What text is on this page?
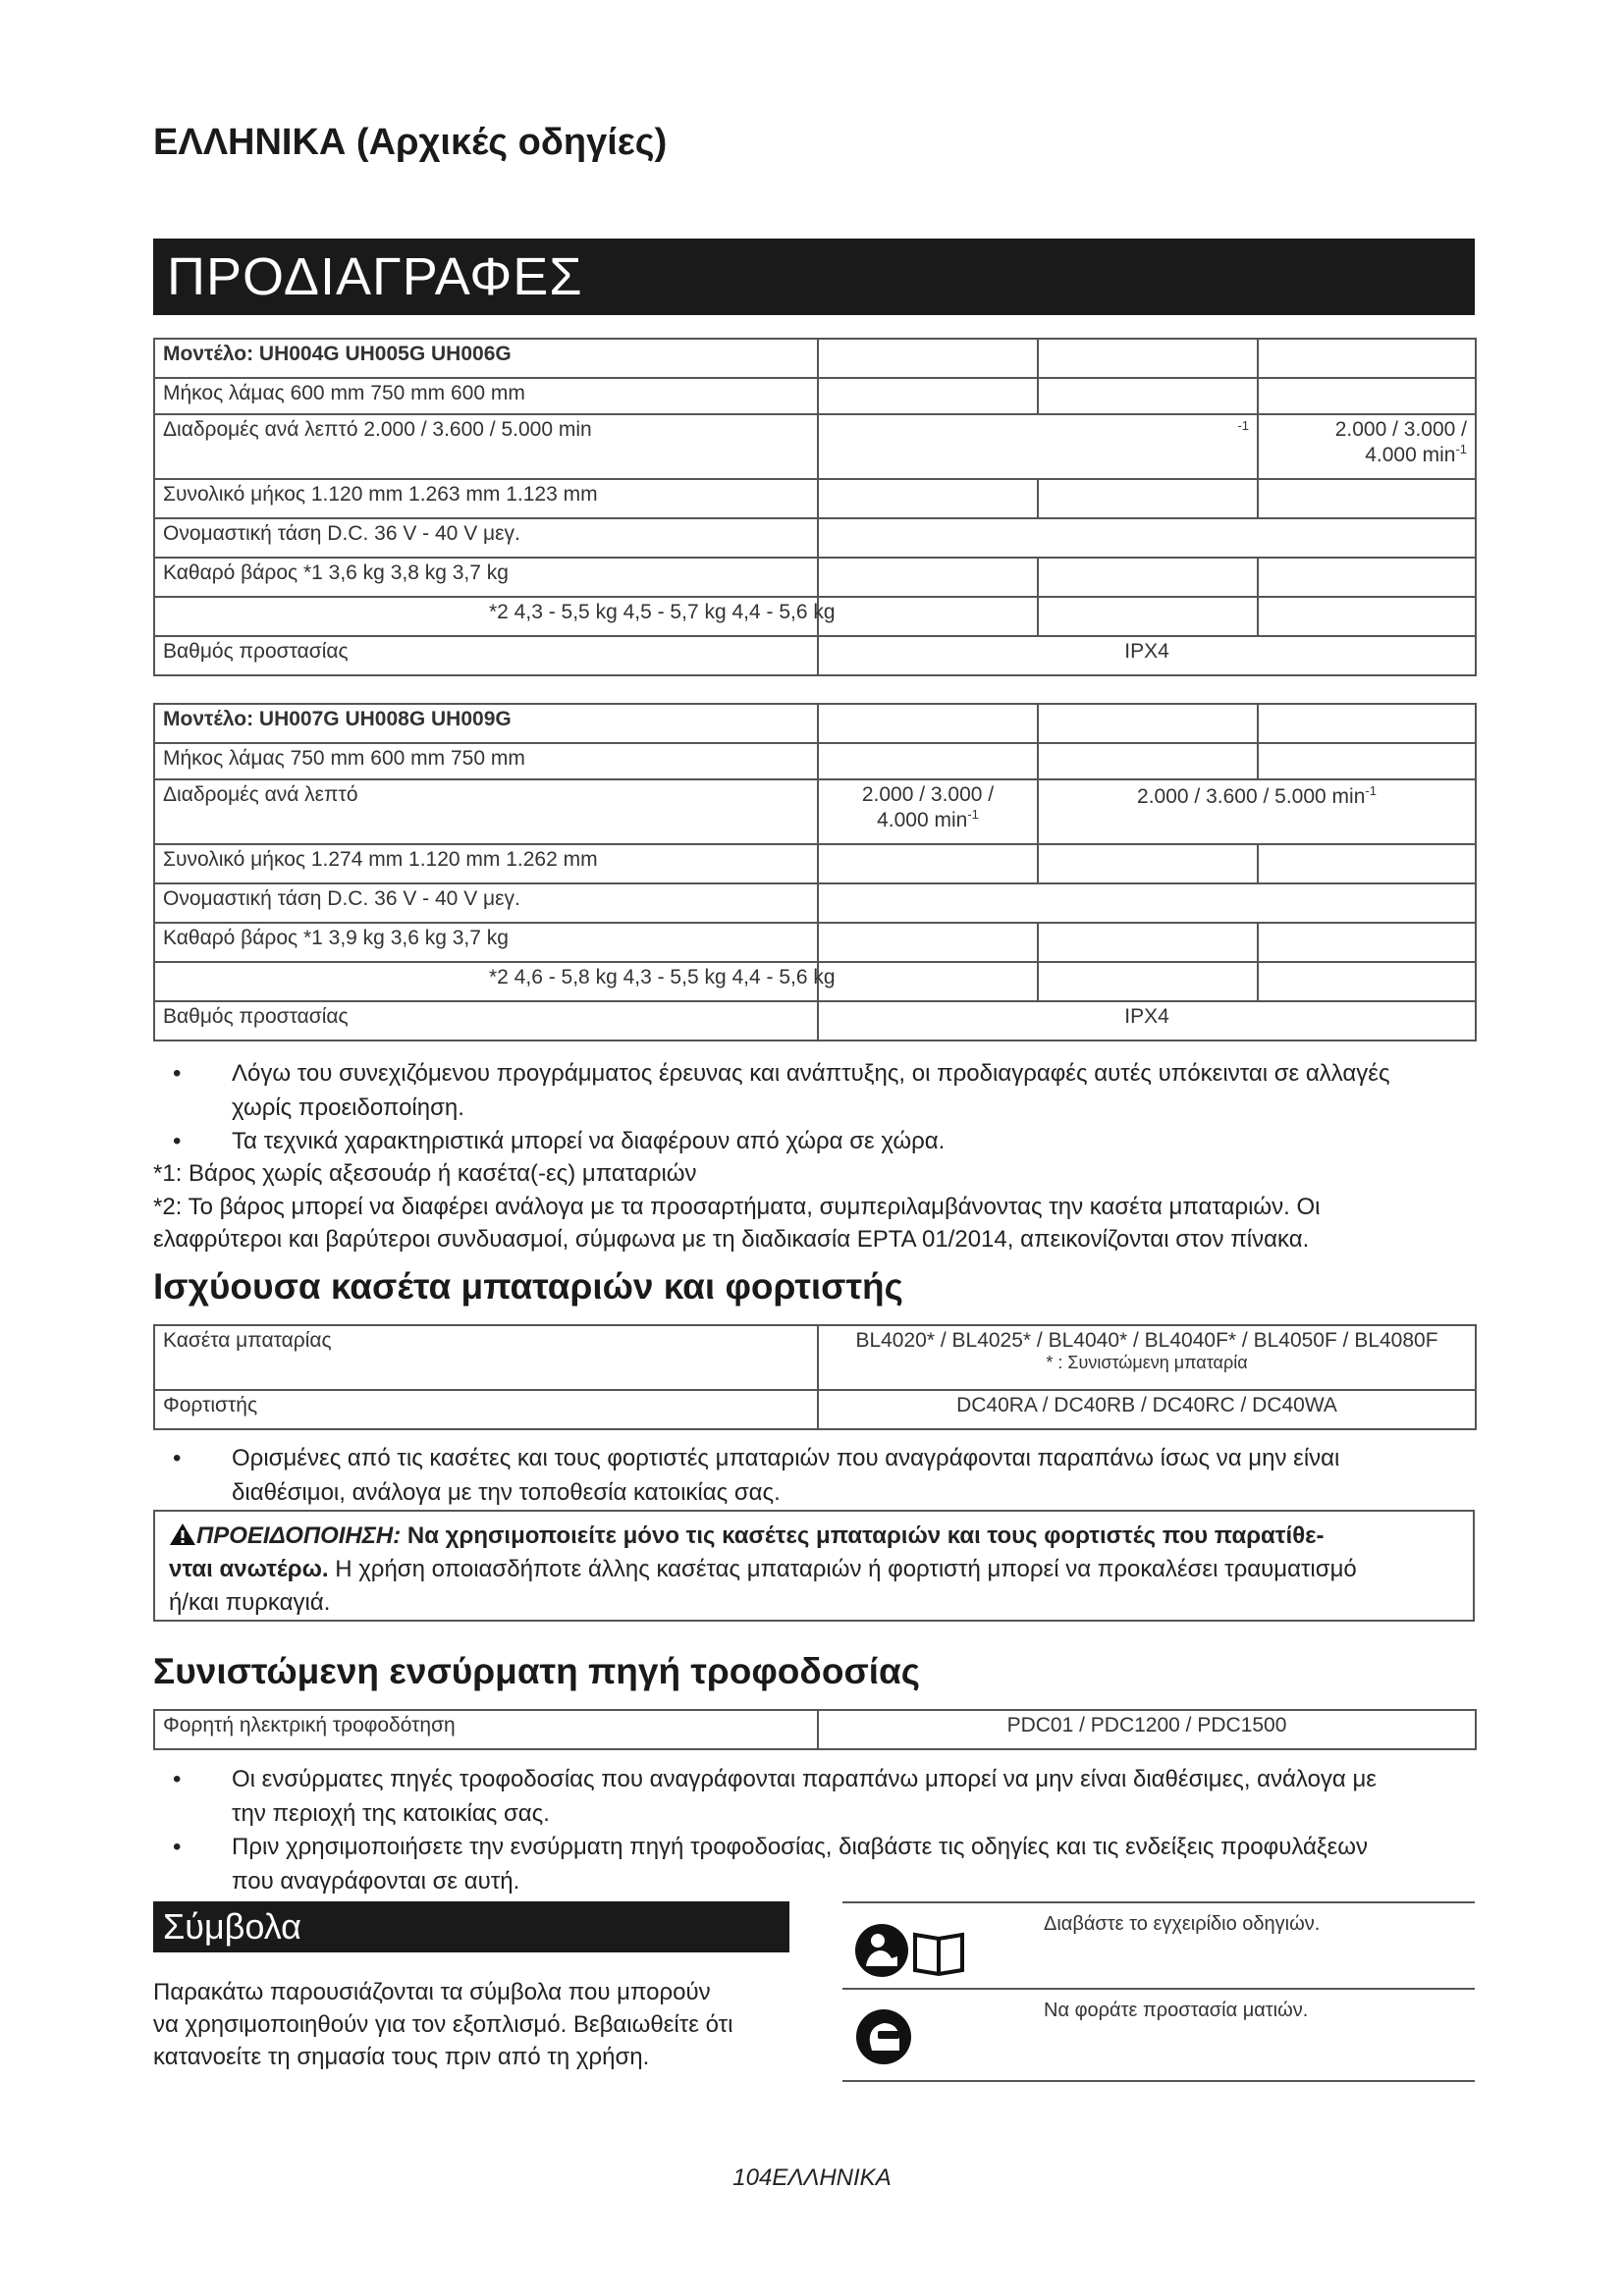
ΕΛΛΗΝΙΚΑ (Αρχικές οδηγίες)
ΠΡΟΔΙΑΓΡΑΦΕΣ
Μοντέλο: UH004G UH005G UH006G			
Μήκος λάμας 600 mm 750 mm 600 mm			
Διαδρομές ανά λεπτό 2.000 / 3.600 / 5.000 min	$^{-1}$		2.000 / 3.000 /
4.000 $\min^{-1}$

Συνολικό μήκος 1.120 mm 1.263 mm 1.123 mm			
Ονομαστική τάση D.C. 36 V - 40 V μεγ.			
Καθαρό βάρος *1 3,6 kg 3,8 kg 3,7 kg			
*2 4,3 - 5,5 kg 4,5 - 5,7 kg 4,4 - 5,6 kg			
Βαθμός προστασίας	IPX4		
Μοντέλο: UH007G UH008G UH009G			
Μήκος λάμας 750 mm 600 mm 750 mm			
Διαδρομές ανά λεπτό	2.000 / 3.000 /
4.000 $\min^{-1}$	2.000 / 3.600 / 5.000 $\min^{-1}$
Συνολικό μήκος 1.274 mm 1.120 mm 1.262 mm			
Ονομαστική τάση D.C. 36 V - 40 V μεγ.			
Καθαρό βάρος *1 3,9 kg 3,6 kg 3,7 kg			
*2 4,6 - 5,8 kg 4,3 - 5,5 kg 4,4 - 5,6 kg			
Βαθμός προστασίας	IPX4		
• Λόγω του συνεχιζόμενου προγράμματος έρευνας και ανάπτυξης, οι προδιαγραφές αυτές υπόκεινται σε αλλαγές
χωρίς προειδοποίηση.
• Τα τεχνικά χαρακτηριστικά μπορεί να διαφέρουν από χώρα σε χώρα.
*1: Βάρος χωρίς αξεσουάρ ή κασέτα(-ες) μπαταριών
*2: Το βάρος μπορεί να διαφέρει ανάλογα με τα προσαρτήματα, συμπεριλαμβάνοντας την κασέτα μπαταριών. Οι
ελαφρύτεροι και βαρύτεροι συνδυασμοί, σύμφωνα με τη διαδικασία EPTA 01/2014, απεικονίζονται στον πίνακα.
Ισχύουσα κασέτα μπαταριών και φορτιστής
Κασέτα μπαταρίας	BL4020* / BL4025* / BL4040* / BL4040F* / BL4050F / BL4080F
* : Συνιστώμενη μπαταρία

Φορτιστής	DC40RA / DC40RB / DC40RC / DC40WA
• Ορισμένες από τις κασέτες και τους φορτιστές μπαταριών που αναγράφονται παραπάνω ίσως να μην είναι
διαθέσιμοι, ανάλογα με την τοποθεσία κατοικίας σας.
ΠΡΟΕΙΔΟΠΟΙΗΣΗ: Να χρησιμοποιείτε μόνο τις κασέτες μπαταριών και τους φορτιστές που παρατίθε-
νται ανωτέρω. Η χρήση οποιασδήποτε άλλης κασέτας μπαταριών ή φορτιστή μπορεί να προκαλέσει τραυματισμό
ή/και πυρκαγιά.
Συνιστώμενη ενσύρματη πηγή τροφοδοσίας
Φορητή ηλεκτρική τροφοδότηση	PDC01 / PDC1200 / PDC1500
• Οι ενσύρματες πηγές τροφοδοσίας που αναγράφονται παραπάνω μπορεί να μην είναι διαθέσιμες, ανάλογα με
την περιοχή της κατοικίας σας.
• Πριν χρησιμοποιήσετε την ενσύρματη πηγή τροφοδοσίας, διαβάστε τις οδηγίες και τις ενδείξεις προφυλάξεων
που αναγράφονται σε αυτή.
Σύμβολα
Παρακάτω παρουσιάζονται τα σύμβολα που μπορούν
να χρησιμοποιηθούν για τον εξοπλισμό. Βεβαιωθείτε ότι
κατανοείτε τη σημασία τους πριν από τη χρήση.
Διαβάστε το εγχειρίδιο οδηγιών.
Να φοράτε προστασία ματιών.
104ΕΛΛΗΝΙΚΑ
